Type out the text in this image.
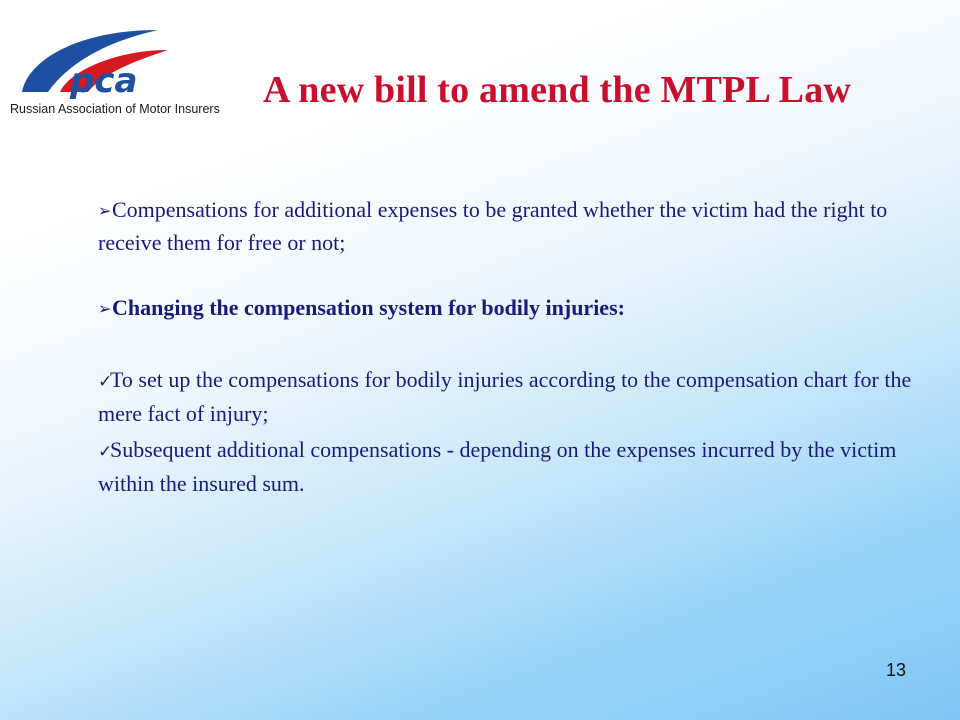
pca
Russian Association of Motor Insurers	A new bill to amend the MTPL Law
➢Compensations for additional expenses to be granted whether the victim had the right to receive them for free or not;
➢Changing the compensation system for bodily injuries:
✓To set up the compensations for bodily injuries according to the compensation chart for the mere fact of injury;
✓Subsequent additional compensations - depending on the expenses incurred by the victim within the insured sum.
13
